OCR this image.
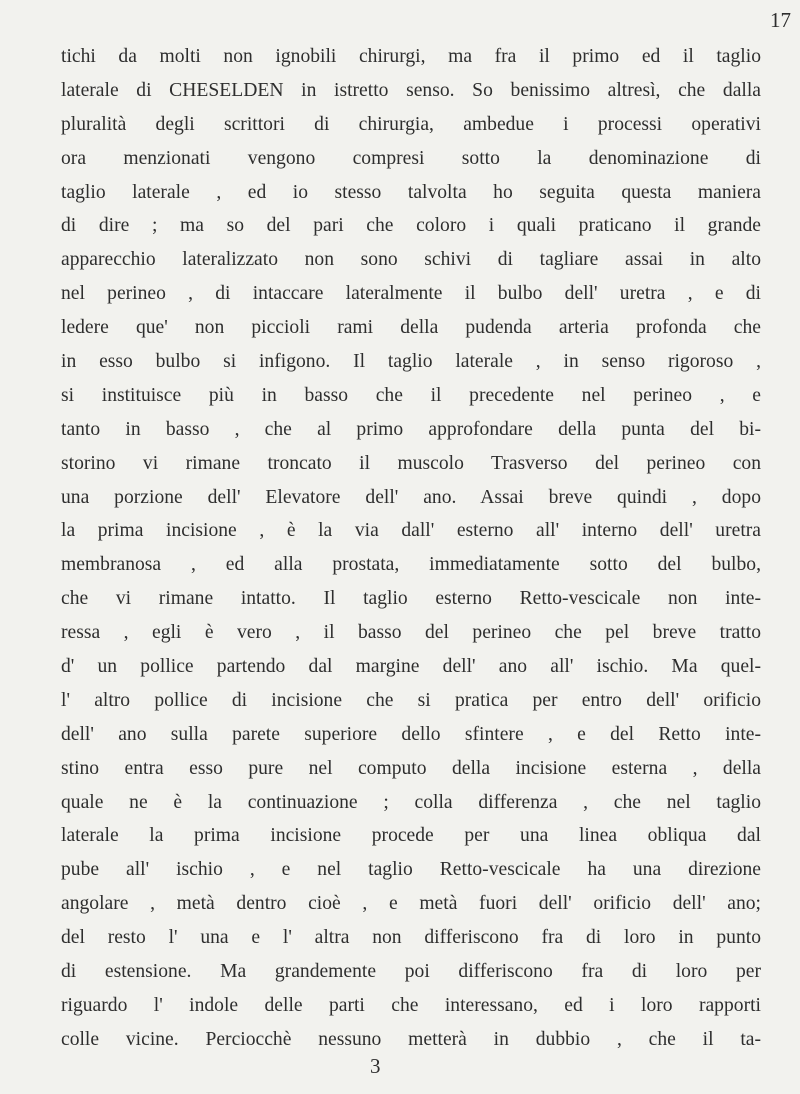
17
tichi da molti non ignobili chirurgi, ma fra il primo ed il taglio
laterale di CHESELDEN in istretto senso. So benissimo altresì, che dalla
pluralità degli scrittori di chirurgia, ambedue i processi operativi
ora menzionati vengono compresi sotto la denominazione di
taglio laterale , ed io stesso talvolta ho seguita questa maniera
di dire ; ma so del pari che coloro i quali praticano il grande
apparecchio lateralizzato non sono schivi di tagliare assai in alto
nel perineo , di intaccare lateralmente il bulbo dell' uretra , e di
ledere que' non piccioli rami della pudenda arteria profonda che
in esso bulbo si infigono. Il taglio laterale , in senso rigoroso ,
si instituisce più in basso che il precedente nel perineo , e
tanto in basso , che al primo approfondare della punta del bi-
storino vi rimane troncato il muscolo Trasverso del perineo con
una porzione dell' Elevatore dell' ano. Assai breve quindi , dopo
la prima incisione , è la via dall' esterno all' interno dell' uretra
membranosa , ed alla prostata, immediatamente sotto del bulbo,
che vi rimane intatto. Il taglio esterno Retto-vescicale non inte-
ressa , egli è vero , il basso del perineo che pel breve tratto
d' un pollice partendo dal margine dell' ano all' ischio. Ma quel-
l' altro pollice di incisione che si pratica per entro dell' orificio
dell' ano sulla parete superiore dello sfintere , e del Retto inte-
stino entra esso pure nel computo della incisione esterna , della
quale ne è la continuazione ; colla differenza , che nel taglio
laterale la prima incisione procede per una linea obliqua dal
pube all' ischio , e nel taglio Retto-vescicale ha una direzione
angolare , metà dentro cioè , e metà fuori dell' orificio dell' ano;
del resto l' una e l' altra non differiscono fra di loro in punto
di estensione. Ma grandemente poi differiscono fra di loro per
riguardo l' indole delle parti che interessano, ed i loro rapporti
colle vicine. Perciocchè nessuno metterà in dubbio , che il ta-
3
